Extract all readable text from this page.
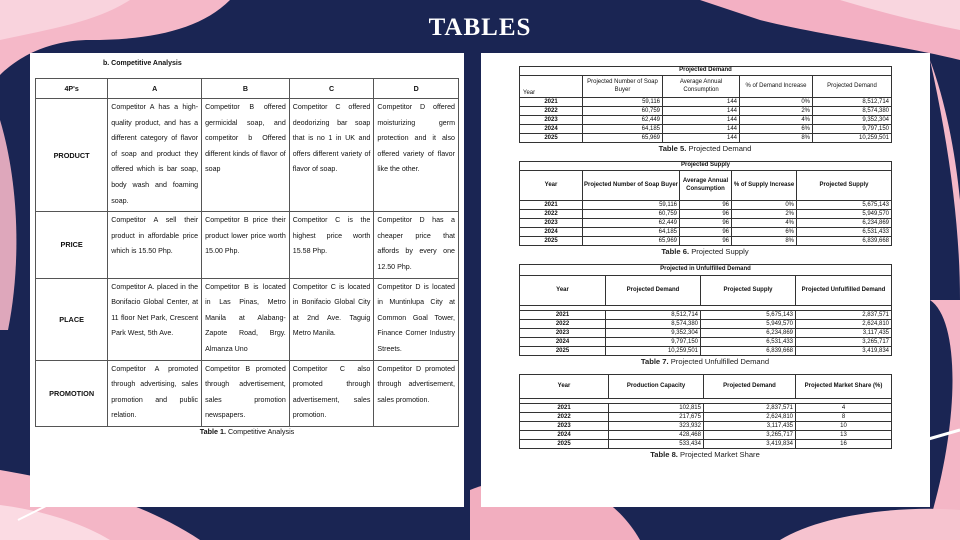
TABLES
b. Competitive Analysis
4P's	A	B	C	D
PRODUCT	Competitor A has a high-quality product, and has a different category of flavor of soap and product they offered which is bar soap, body wash and foaming soap.	Competitor B offered germicidal soap, and competitor b Offered different kinds of flavor of soap	Competitor C offered deodorizing bar soap that is no 1 in UK and offers different variety of flavor of soap.	Competitor D offered moisturizing germ protection and it also offered variety of flavor like the other.
PRICE	Competitor A sell their product in affordable price which is 15.50 Php.	Competitor B price their product lower price worth 15.00 Php.	Competitor C is the highest price worth 15.58 Php.	Competitor D has a cheaper price that affords by every one 12.50 Php.
PLACE	Competitor A. placed in the Bonifacio Global Center, at 11 floor Net Park, Crescent Park West, 5th Ave.	Competitor B is located in Las Pinas, Metro Manila at Alabang-Zapote Road, Brgy. Almanza Uno	Competitor C is located in Bonifacio Global City at 2nd Ave. Taguig Metro Manila.	Competitor D is located in Muntinlupa City at Common Goal Tower, Finance Corner Industry Streets.
PROMOTION	Competitor A promoted through advertising, sales promotion and public relation.	Competitor B promoted through advertisement, sales promotion newspapers.	Competitor C also promoted through advertisement, sales promotion.	Competitor D promoted through advertisement, sales promotion.
Table 1. Competitive Analysis
Projected Demand				
Year	Projected Number of Soap Buyer	Average Annual Consumption	% of Demand Increase	Projected Demand
2021	59,116	144	0%	8,512,714
2022	60,759	144	2%	8,574,380
2023	62,449	144	4%	9,352,304
2024	64,185	144	6%	9,797,150
2025	65,969	144	8%	10,259,501
Table 5. Projected Demand
Projected Supply				
Year	Projected Number of Soap Buyer	Average Annual Consumption	% of Supply Increase	Projected Supply
2021	59,116	96	0%	5,675,143
2022	60,759	96	2%	5,949,570
2023	62,449	96	4%	6,234,869
2024	64,185	96	6%	6,531,433
2025	65,969	96	8%	6,839,668
Table 6. Projected Supply
Projected in Unfulfilled Demand			
Year	Projected Demand	Projected Supply	Projected Unfulfilled Demand

2021	8,512,714	5,675,143	2,837,571
2022	8,574,380	5,949,570	2,624,810
2023	9,352,304	6,234,869	3,117,435
2024	9,797,150	6,531,433	3,265,717
2025	10,259,501	6,839,668	3,419,834
Table 7. Projected Unfulfilled Demand
Year	Production Capacity	Projected Demand	Projected Market Share (%)

2021	102,815	2,837,571	4
2022	217,675	2,624,810	8
2023	323,932	3,117,435	10
2024	428,468	3,265,717	13
2025	533,434	3,419,834	16
Table 8. Projected Market Share
